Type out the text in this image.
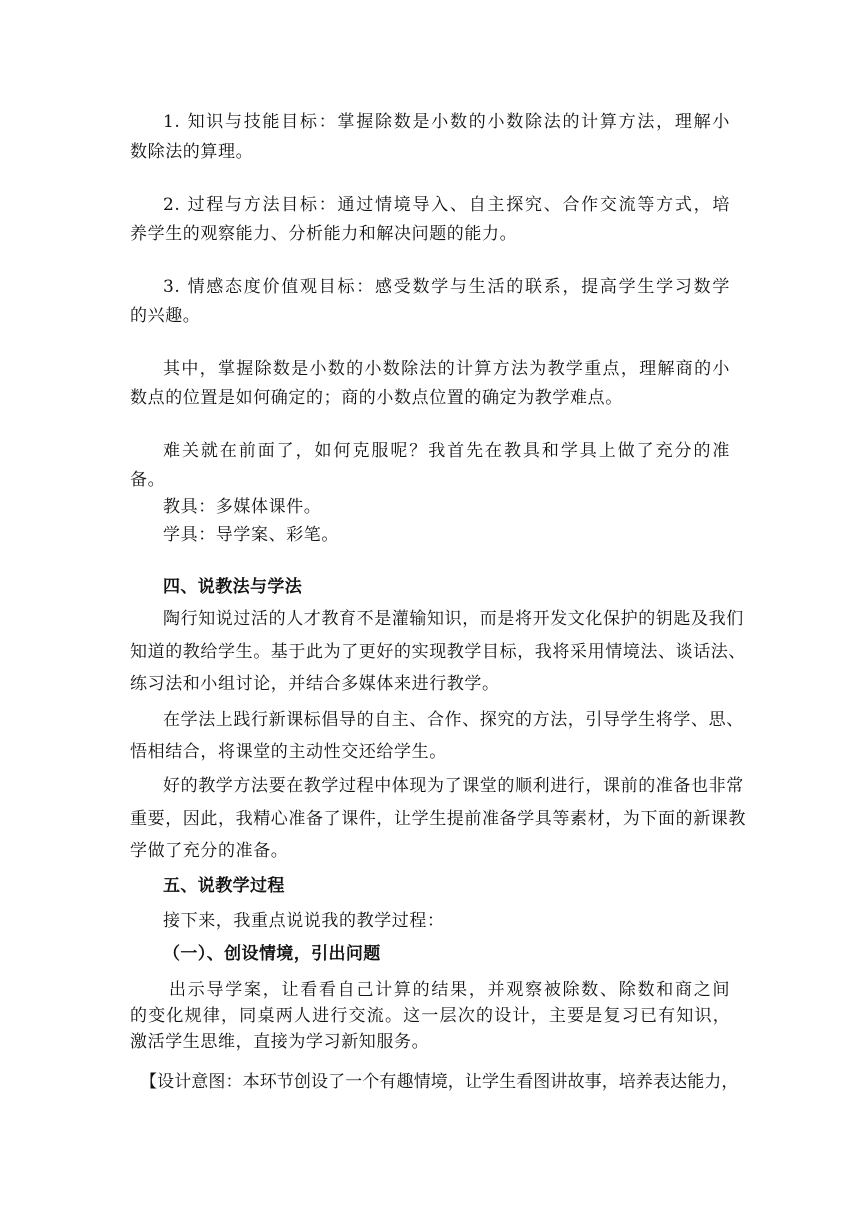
1. 知识与技能目标：掌握除数是小数的小数除法的计算方法，理解小
数除法的算理。
2. 过程与方法目标：通过情境导入、自主探究、合作交流等方式，培
养学生的观察能力、分析能力和解决问题的能力。
3. 情感态度价值观目标：感受数学与生活的联系，提高学生学习数学
的兴趣。
其中，掌握除数是小数的小数除法的计算方法为教学重点，理解商的小
数点的位置是如何确定的；商的小数点位置的确定为教学难点。
难关就在前面了，如何克服呢？我首先在教具和学具上做了充分的准
备。
教具：多媒体课件。
学具：导学案、彩笔。
四、说教法与学法
陶行知说过活的人才教育不是灌输知识，而是将开发文化保护的钥匙及我们
知道的教给学生。基于此为了更好的实现教学目标，我将采用情境法、谈话法、
练习法和小组讨论，并结合多媒体来进行教学。
在学法上践行新课标倡导的自主、合作、探究的方法，引导学生将学、思、
悟相结合，将课堂的主动性交还给学生。
好的教学方法要在教学过程中体现为了课堂的顺利进行，课前的准备也非常
重要，因此，我精心准备了课件，让学生提前准备学具等素材，为下面的新课教
学做了充分的准备。
五、说教学过程
接下来，我重点说说我的教学过程：
（一）、创设情境，引出问题
出示导学案，让看看自己计算的结果，并观察被除数、除数和商之间
的变化规律，同桌两人进行交流。这一层次的设计，主要是复习已有知识，
激活学生思维，直接为学习新知服务。
【设计意图：本环节创设了一个有趣情境，让学生看图讲故事，培养表达能力，
